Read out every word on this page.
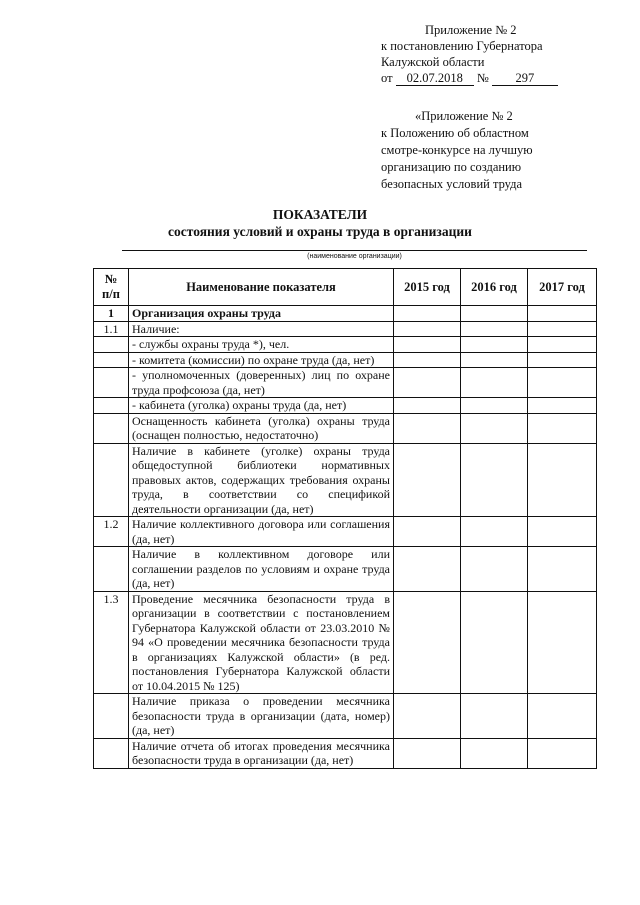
Приложение № 2
к постановлению Губернатора
Калужской области
от 02.07.2018 № 297
«Приложение № 2
к Положению об областном
смотре-конкурсе на лучшую
организацию по созданию
безопасных условий труда
ПОКАЗАТЕЛИ
состояния условий и охраны труда в организации
(наименование организации)
№
п/п	Наименование показателя	2015 год	2016 год	2017 год
1	Организация охраны труда			
1.1	Наличие:			
	- службы охраны труда *), чел.			
	- комитета (комиссии) по охране труда (да, нет)			
	- уполномоченных (доверенных) лиц по охране труда профсоюза (да, нет)			
	- кабинета (уголка) охраны труда (да, нет)			
	Оснащенность кабинета (уголка) охраны труда (оснащен полностью, недостаточно)			
	Наличие в кабинете (уголке) охраны труда общедоступной библиотеки нормативных правовых актов, содержащих требования охраны труда, в соответствии со спецификой деятельности организации (да, нет)			
1.2	Наличие коллективного договора или соглашения (да, нет)			
	Наличие в коллективном договоре или соглашении разделов по условиям и охране труда (да, нет)			
1.3	Проведение месячника безопасности труда в организации в соответствии с постановлением Губернатора Калужской области от 23.03.2010 № 94 «О проведении месячника безопасности труда в организациях Калужской области» (в ред. постановления Губернатора Калужской области от 10.04.2015 № 125)			
	Наличие приказа о проведении месячника безопасности труда в организации (дата, номер) (да, нет)			
	Наличие отчета об итогах проведения месячника безопасности труда в организации (да, нет)			
